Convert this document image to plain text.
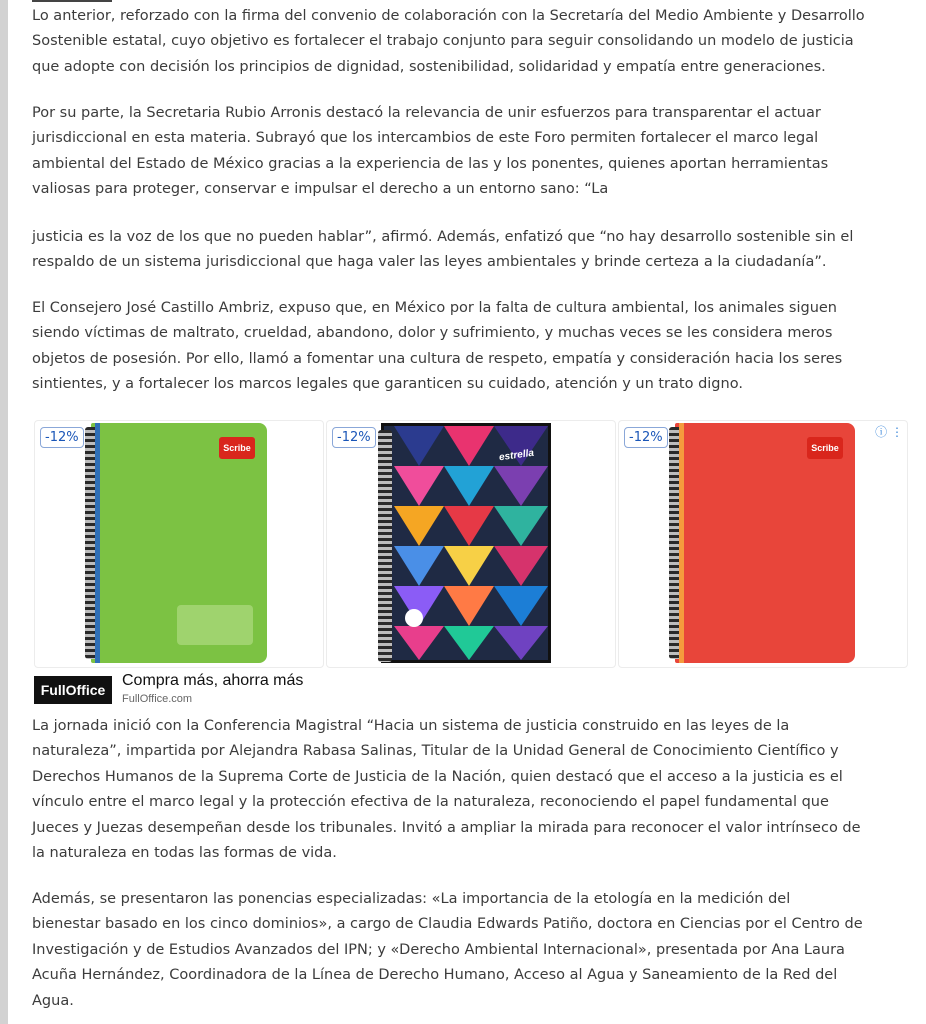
Lo anterior, reforzado con la firma del convenio de colaboración con la Secretaría del Medio Ambiente y Desarrollo
Sostenible estatal, cuyo objetivo es fortalecer el trabajo conjunto para seguir consolidando un modelo de justicia
que adopte con decisión los principios de dignidad, sostenibilidad, solidaridad y empatía entre generaciones.

Por su parte, la Secretaria Rubio Arronis destacó la relevancia de unir esfuerzos para transparentar el actuar
jurisdiccional en esta materia. Subrayó que los intercambios de este Foro permiten fortalecer el marco legal
ambiental del Estado de México gracias a la experiencia de las y los ponentes, quienes aportan herramientas
valiosas para proteger, conservar e impulsar el derecho a un entorno sano: “La

justicia es la voz de los que no pueden hablar”, afirmó. Además, enfatizó que “no hay desarrollo sostenible sin el
respaldo de un sistema jurisdiccional que haga valer las leyes ambientales y brinde certeza a la ciudadanía”.

El Consejero José Castillo Ambriz, expuso que, en México por la falta de cultura ambiental, los animales siguen
siendo víctimas de maltrato, crueldad, abandono, dolor y sufrimiento, y muchas veces se les considera meros
objetos de posesión. Por ello, llamó a fomentar una cultura de respeto, empatía y consideración hacia los seres
sintientes, y a fortalecer los marcos legales que garanticen su cuidado, atención y un trato digno.

La jornada inició con la Conferencia Magistral “Hacia un sistema de justicia construido en las leyes de la
naturaleza”, impartida por Alejandra Rabasa Salinas, Titular de la Unidad General de Conocimiento Científico y
Derechos Humanos de la Suprema Corte de Justicia de la Nación, quien destacó que el acceso a la justicia es el
vínculo entre el marco legal y la protección efectiva de la naturaleza, reconociendo el papel fundamental que
Jueces y Juezas desempeñan desde los tribunales. Invitó a ampliar la mirada para reconocer el valor intrínseco de
la naturaleza en todas las formas de vida.

Además, se presentaron las ponencias especializadas: «La importancia de la etología en la medición del
bienestar basado en los cinco dominios», a cargo de Claudia Edwards Patiño, doctora en Ciencias por el Centro de
Investigación y de Estudios Avanzados del IPN; y «Derecho Ambiental Internacional», presentada por Ana Laura
Acuña Hernández, Coordinadora de la Línea de Derecho Humano, Acceso al Agua y Saneamiento de la Red del
Agua.

-12%
Scribe
-12%
estrella
-12%	ⓘ ⋮
Scribe
FullOffice
Compra más, ahorra más
FullOffice.com
